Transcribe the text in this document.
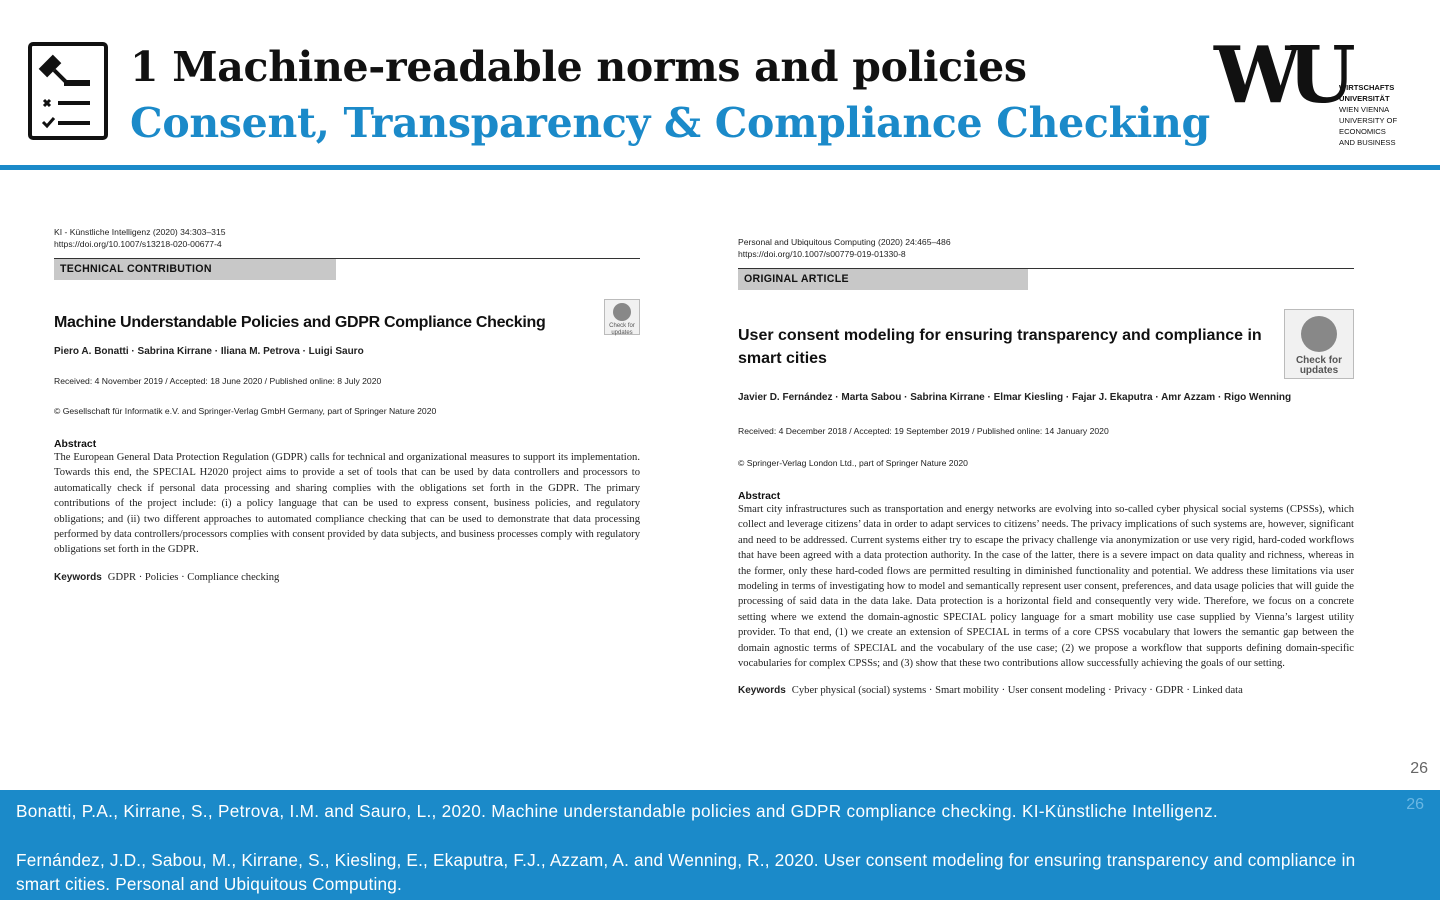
1 Machine-readable norms and policies
Consent, Transparency & Compliance Checking
WU
WIRTSCHAFTS
UNIVERSITÄT
WIEN VIENNA
UNIVERSITY OF
ECONOMICS
AND BUSINESS
KI - Künstliche Intelligenz (2020) 34:303–315
https://doi.org/10.1007/s13218-020-00677-4
TECHNICAL CONTRIBUTION
Check for updates
Machine Understandable Policies and GDPR Compliance Checking
Piero A. Bonatti · Sabrina Kirrane · Iliana M. Petrova · Luigi Sauro
Received: 4 November 2019 / Accepted: 18 June 2020 / Published online: 8 July 2020
© Gesellschaft für Informatik e.V. and Springer-Verlag GmbH Germany, part of Springer Nature 2020
Abstract
The European General Data Protection Regulation (GDPR) calls for technical and organizational measures to support its implementation. Towards this end, the SPECIAL H2020 project aims to provide a set of tools that can be used by data controllers and processors to automatically check if personal data processing and sharing complies with the obligations set forth in the GDPR. The primary contributions of the project include: (i) a policy language that can be used to express consent, business policies, and regulatory obligations; and (ii) two different approaches to automated compliance checking that can be used to demonstrate that data processing performed by data controllers/processors complies with consent provided by data subjects, and business processes comply with regulatory obligations set forth in the GDPR.
Keywords GDPR · Policies · Compliance checking
Personal and Ubiquitous Computing (2020) 24:465–486
https://doi.org/10.1007/s00779-019-01330-8
ORIGINAL ARTICLE
Check for updates
User consent modeling for ensuring transparency and compliance in smart cities
Javier D. Fernández · Marta Sabou · Sabrina Kirrane · Elmar Kiesling · Fajar J. Ekaputra · Amr Azzam · Rigo Wenning
Received: 4 December 2018 / Accepted: 19 September 2019 / Published online: 14 January 2020
© Springer-Verlag London Ltd., part of Springer Nature 2020
Abstract
Smart city infrastructures such as transportation and energy networks are evolving into so-called cyber physical social systems (CPSSs), which collect and leverage citizens’ data in order to adapt services to citizens’ needs. The privacy implications of such systems are, however, significant and need to be addressed. Current systems either try to escape the privacy challenge via anonymization or use very rigid, hard-coded workflows that have been agreed with a data protection authority. In the case of the latter, there is a severe impact on data quality and richness, whereas in the former, only these hard-coded flows are permitted resulting in diminished functionality and potential. We address these limitations via user modeling in terms of investigating how to model and semantically represent user consent, preferences, and data usage policies that will guide the processing of said data in the data lake. Data protection is a horizontal field and consequently very wide. Therefore, we focus on a concrete setting where we extend the domain-agnostic SPECIAL policy language for a smart mobility use case supplied by Vienna’s largest utility provider. To that end, (1) we create an extension of SPECIAL in terms of a core CPSS vocabulary that lowers the semantic gap between the domain agnostic terms of SPECIAL and the vocabulary of the use case; (2) we propose a workflow that supports defining domain-specific vocabularies for complex CPSSs; and (3) show that these two contributions allow successfully achieving the goals of our setting.
Keywords Cyber physical (social) systems · Smart mobility · User consent modeling · Privacy · GDPR · Linked data
26
26
Bonatti, P.A., Kirrane, S., Petrova, I.M. and Sauro, L., 2020. Machine understandable policies and GDPR compliance checking. KI-Künstliche Intelligenz.
Fernández, J.D., Sabou, M., Kirrane, S., Kiesling, E., Ekaputra, F.J., Azzam, A. and Wenning, R., 2020. User consent modeling for ensuring transparency and compliance in smart cities. Personal and Ubiquitous Computing.
